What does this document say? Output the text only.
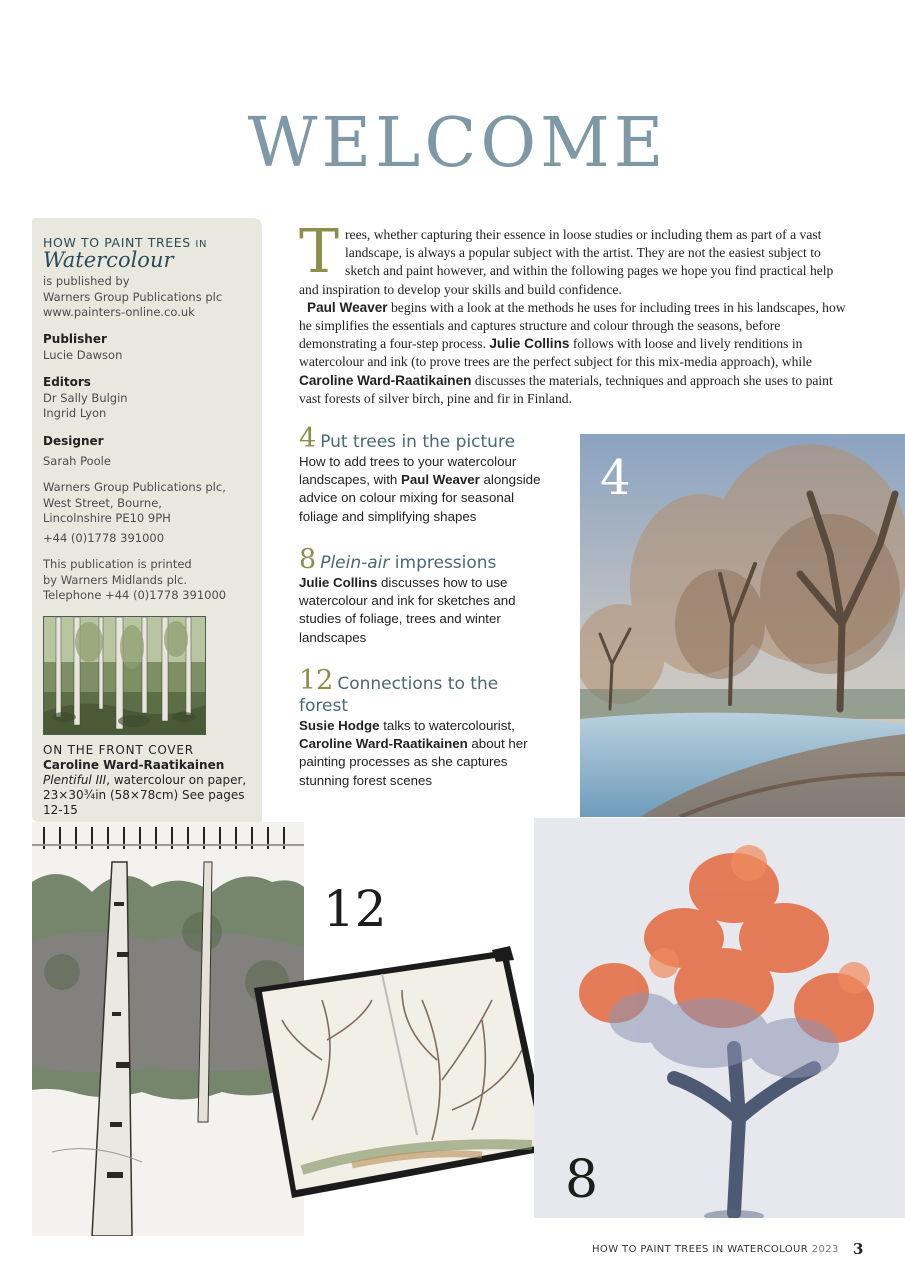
WELCOME
HOW TO PAINT TREES IN
Watercolour
is published by
Warners Group Publications plc
www.painters-online.co.uk
Publisher
Lucie Dawson
Editors
Dr Sally Bulgin
Ingrid Lyon
Designer
Sarah Poole
Warners Group Publications plc,
West Street, Bourne,
Lincolnshire PE10 9PH
+44 (0)1778 391000
This publication is printed
by Warners Midlands plc.
Telephone +44 (0)1778 391000
ON THE FRONT COVER
Caroline Ward-Raatikainen
Plentiful III, watercolour on paper, 23×30¾in (58×78cm) See pages 12-15

Trees, whether capturing their essence in loose studies or including them as part of a vast landscape, is always a popular subject with the artist. They are not the easiest subject to sketch and paint however, and within the following pages we hope you find practical help and inspiration to develop your skills and build confidence.

Paul Weaver begins with a look at the methods he uses for including trees in his landscapes, how he simplifies the essentials and captures structure and colour through the seasons, before demonstrating a four-step process. Julie Collins follows with loose and lively renditions in watercolour and ink (to prove trees are the perfect subject for this mix-media approach), while Caroline Ward-Raatikainen discusses the materials, techniques and approach she uses to paint vast forests of silver birch, pine and fir in Finland.

4 Put trees in the picture
How to add trees to your watercolour landscapes, with Paul Weaver alongside advice on colour mixing for seasonal foliage and simplifying shapes
8 Plein-air impressions
Julie Collins discusses how to use watercolour and ink for sketches and studies of foliage, trees and winter landscapes
12 Connections to the forest
Susie Hodge talks to watercolourist,
Caroline Ward-Raatikainen about her painting processes as she captures stunning forest scenes
4
12
8
HOW TO PAINT TREES IN WATERCOLOUR 2023 3
